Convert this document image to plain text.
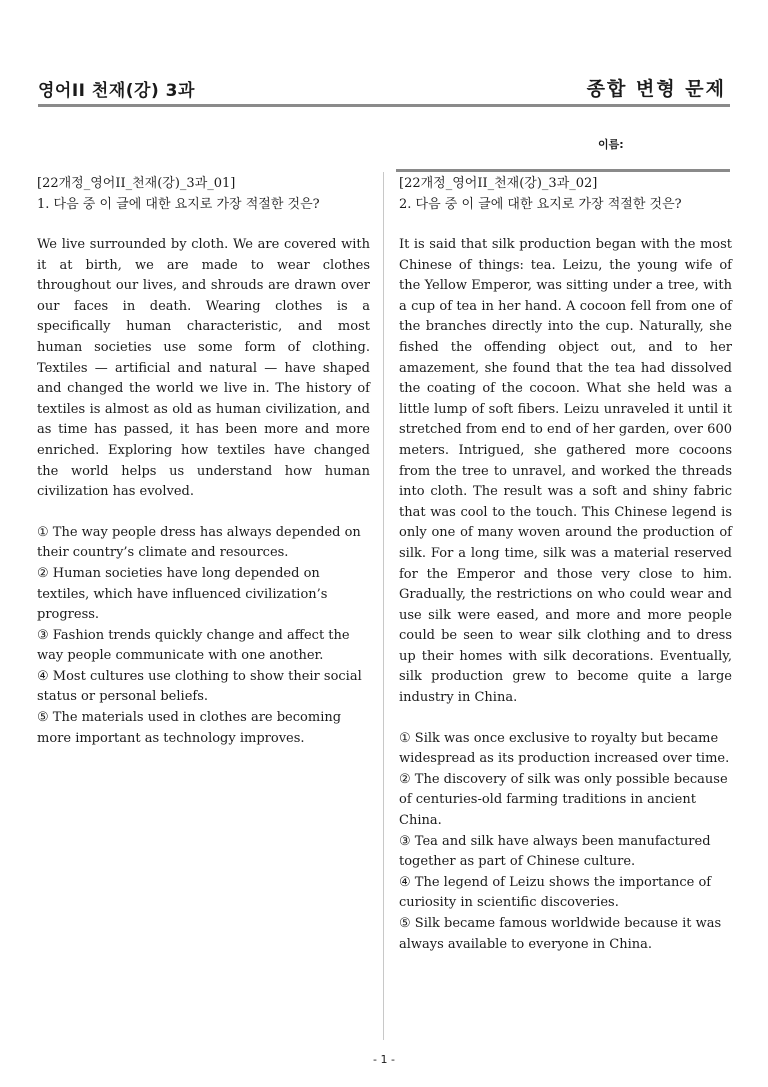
영어II 천재(강) 3과	종합 변형 문제
이름:
[22개정_영어II_천재(강)_3과_01]
1. 다음 중 이 글에 대한 요지로 가장 적절한 것은?
We live surrounded by cloth. We are covered with it at birth, we are made to wear clothes throughout our lives, and shrouds are drawn over our faces in death. Wearing clothes is a specifically human characteristic, and most human societies use some form of clothing. Textiles — artificial and natural — have shaped and changed the world we live in. The history of textiles is almost as old as human civilization, and as time has passed, it has been more and more enriched. Exploring how textiles have changed the world helps us understand how human civilization has evolved.
① The way people dress has always depended on their country’s climate and resources.
② Human societies have long depended on textiles, which have influenced civilization’s progress.
③ Fashion trends quickly change and affect the way people communicate with one another.
④ Most cultures use clothing to show their social status or personal beliefs.
⑤ The materials used in clothes are becoming more important as technology improves.
[22개정_영어II_천재(강)_3과_02]
2. 다음 중 이 글에 대한 요지로 가장 적절한 것은?
It is said that silk production began with the most Chinese of things: tea. Leizu, the young wife of the Yellow Emperor, was sitting under a tree, with a cup of tea in her hand. A cocoon fell from one of the branches directly into the cup. Naturally, she fished the offending object out, and to her amazement, she found that the tea had dissolved the coating of the cocoon. What she held was a little lump of soft fibers. Leizu unraveled it until it stretched from end to end of her garden, over 600 meters. Intrigued, she gathered more cocoons from the tree to unravel, and worked the threads into cloth. The result was a soft and shiny fabric that was cool to the touch. This Chinese legend is only one of many woven around the production of silk. For a long time, silk was a material reserved for the Emperor and those very close to him. Gradually, the restrictions on who could wear and use silk were eased, and more and more people could be seen to wear silk clothing and to dress up their homes with silk decorations. Eventually, silk production grew to become quite a large industry in China.
① Silk was once exclusive to royalty but became widespread as its production increased over time.
② The discovery of silk was only possible because of centuries-old farming traditions in ancient China.
③ Tea and silk have always been manufactured together as part of Chinese culture.
④ The legend of Leizu shows the importance of curiosity in scientific discoveries.
⑤ Silk became famous worldwide because it was always available to everyone in China.
- 1 -
